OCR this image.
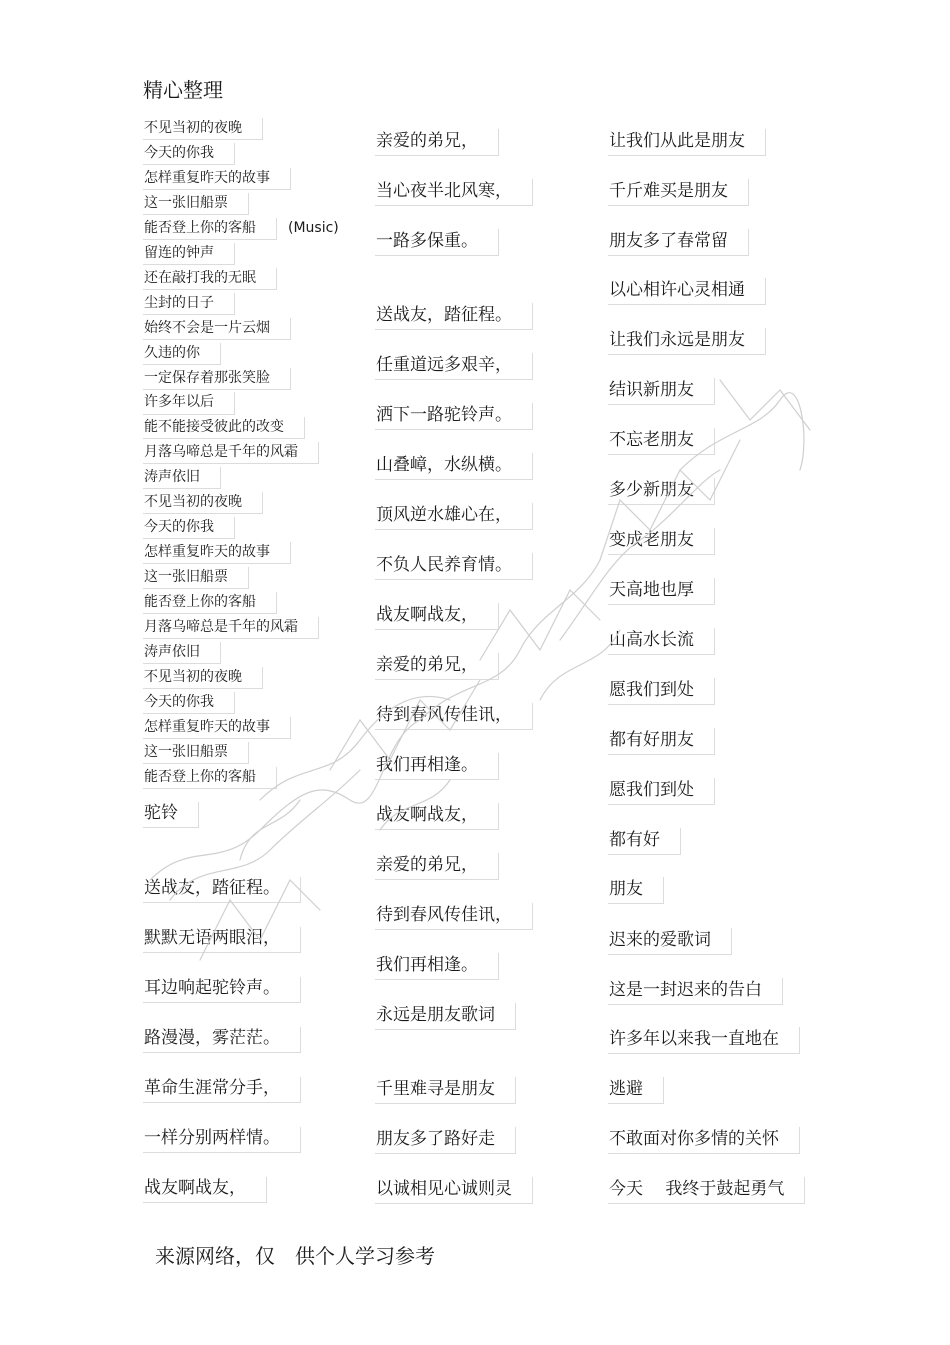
精心整理
不见当初的夜晚
今天的你我
怎样重复昨天的故事
这一张旧船票
能否登上你的客船
留连的钟声
还在敲打我的无眠
尘封的日子
始终不会是一片云烟
久违的你
一定保存着那张笑脸
许多年以后
能不能接受彼此的改变
月落乌啼总是千年的风霜
涛声依旧
不见当初的夜晚
今天的你我
怎样重复昨天的故事
这一张旧船票
能否登上你的客船
月落乌啼总是千年的风霜
涛声依旧
不见当初的夜晚
今天的你我
怎样重复昨天的故事
这一张旧船票
能否登上你的客船
驼铃
送战友，踏征程。
默默无语两眼泪，
耳边响起驼铃声。
路漫漫，雾茫茫。
革命生涯常分手，
一样分别两样情。
战友啊战友，
(Music)
亲爱的弟兄，
当心夜半北风寒，
一路多保重。
送战友，踏征程。
任重道远多艰辛，
洒下一路驼铃声。
山叠嶂，水纵横。
顶风逆水雄心在，
不负人民养育情。
战友啊战友，
亲爱的弟兄，
待到春风传佳讯，
我们再相逢。
战友啊战友，
亲爱的弟兄，
待到春风传佳讯，
我们再相逢。
永远是朋友歌词
千里难寻是朋友
朋友多了路好走
以诚相见心诚则灵
让我们从此是朋友
千斤难买是朋友
朋友多了春常留
以心相许心灵相通
让我们永远是朋友
结识新朋友
不忘老朋友
多少新朋友
变成老朋友
天高地也厚
山高水长流
愿我们到处
都有好朋友
愿我们到处
都有好
朋友
迟来的爱歌词
这是一封迟来的告白
许多年以来我一直地在
逃避
不敢面对你多情的关怀
今天　 我终于鼓起勇气
来源网络，仅　供个人学习参考
